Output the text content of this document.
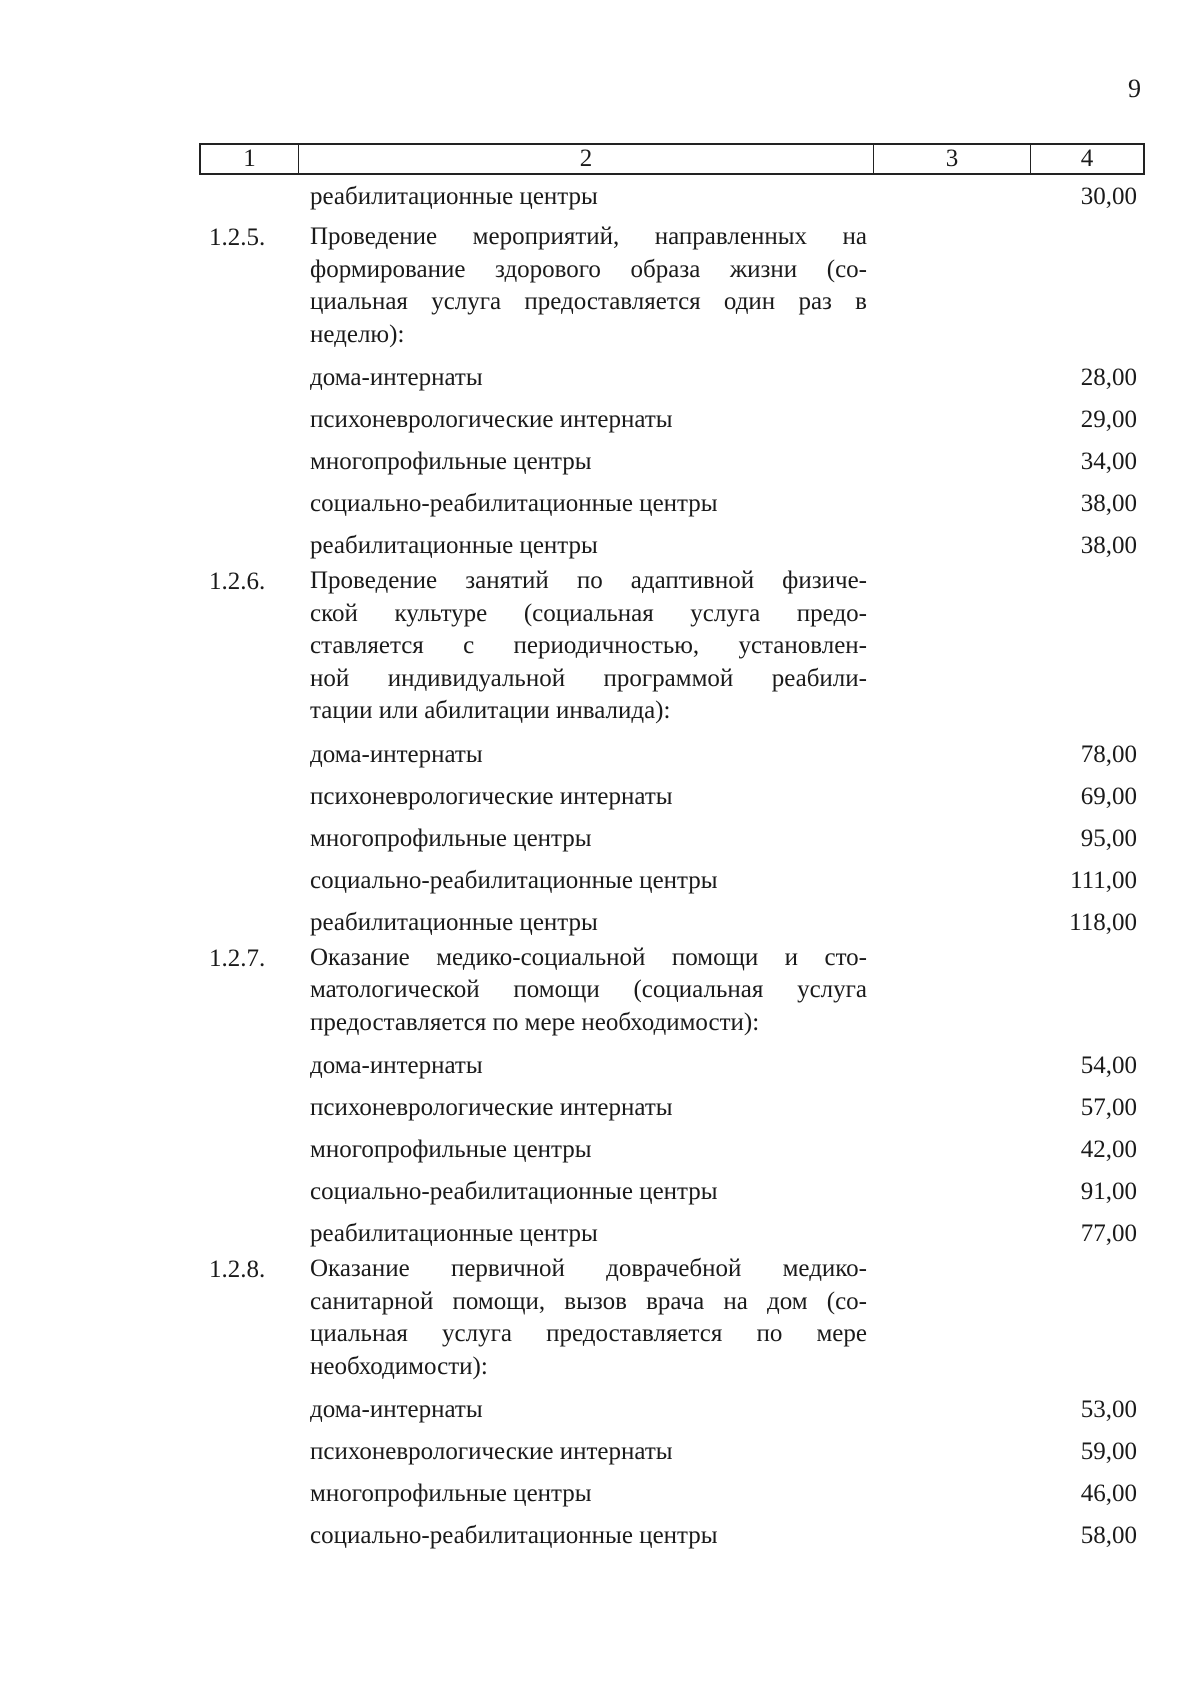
9
1	2	3	4
реабилитационные центры	30,00
1.2.5.	Проведение мероприятий, направленных на
формирование здорового образа жизни (со-
циальная услуга предоставляется один раз в
неделю):
дома-интернаты	28,00
психоневрологические интернаты	29,00
многопрофильные центры	34,00
социально-реабилитационные центры	38,00
реабилитационные центры	38,00
1.2.6.	Проведение занятий по адаптивной физиче-
ской культуре (социальная услуга предо-
ставляется с периодичностью, установлен-
ной индивидуальной программой реабили-
тации или абилитации инвалида):
дома-интернаты	78,00
психоневрологические интернаты	69,00
многопрофильные центры	95,00
социально-реабилитационные центры	111,00
реабилитационные центры	118,00
1.2.7.	Оказание медико-социальной помощи и сто-
матологической помощи (социальная услуга
предоставляется по мере необходимости):
дома-интернаты	54,00
психоневрологические интернаты	57,00
многопрофильные центры	42,00
социально-реабилитационные центры	91,00
реабилитационные центры	77,00
1.2.8.	Оказание первичной доврачебной медико-
санитарной помощи, вызов врача на дом (со-
циальная услуга предоставляется по мере
необходимости):
дома-интернаты	53,00
психоневрологические интернаты	59,00
многопрофильные центры	46,00
социально-реабилитационные центры	58,00
